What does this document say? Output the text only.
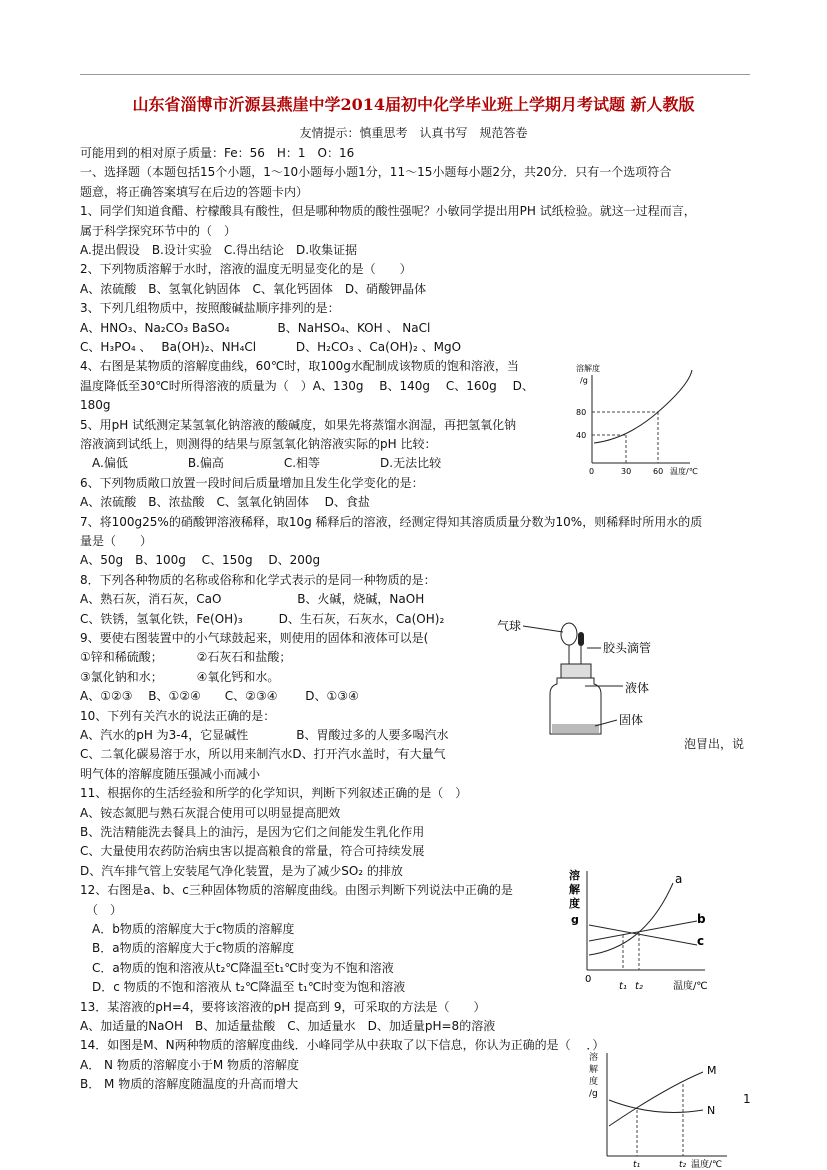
山东省淄博市沂源县燕崖中学2014届初中化学毕业班上学期月考试题 新人教版
友情提示：慎重思考　认真书写　规范答卷
可能用到的相对原子质量：Fe：56　H：1　O：16
一、选择题（本题包括15个小题，1～10小题每小题1分，11～15小题每小题2分，共20分．只有一个选项符合
题意，将正确答案填写在后边的答题卡内）
1、同学们知道食醋、柠檬酸具有酸性，但是哪种物质的酸性强呢？小敏同学提出用PH 试纸检验。就这一过程而言，
属于科学探究环节中的（　）
A.提出假设　B.设计实验　C.得出结论　D.收集证据
2、下列物质溶解于水时，溶液的温度无明显变化的是（　　）
A、浓硫酸　B、氢氧化钠固体　C、氧化钙固体　D、硝酸钾晶体
3、下列几组物质中，按照酸碱盐顺序排列的是：
A、HNO₃、Na₂CO₃ BaSO₄　　　　B、NaHSO₄、KOH 、 NaCl
C、H₃PO₄ 、　 Ba(OH)₂、NH₄Cl　　　 D、H₂CO₃ 、Ca(OH)₂ 、MgO
4、右图是某物质的溶解度曲线，60℃时，取100g水配制成该物质的饱和溶液，当
温度降低至30℃时所得溶液的质量为（　）A、130g　 B、140g　 C、160g　 D、
180g
5、用pH 试纸测定某氢氧化钠溶液的酸碱度，如果先将蒸馏水润湿，再把氢氧化钠
溶液滴到试纸上，则测得的结果与原氢氧化钠溶液实际的pH 比较：
　A.偏低　　　　　B.偏高　　　　　C.相等　　　　　D.无法比较
6、下列物质敞口放置一段时间后质量增加且发生化学变化的是：
A、浓硫酸　B、浓盐酸　C、氢氧化钠固体　 D、食盐
7、将100g25%的硝酸钾溶液稀释，取10g 稀释后的溶液，经测定得知其溶质质量分数为10%，则稀释时所用水的质
量是（　　）
A、50g　B、100g　 C、150g　 D、200g
8．下列各种物质的名称或俗称和化学式表示的是同一种物质的是：
A、熟石灰，消石灰，CaO　　　　　　 B、火碱，烧碱，NaOH
C、铁锈，氢氧化铁，Fe(OH)₃　　　D、生石灰，石灰水，Ca(OH)₂
9、要使右图装置中的小气球鼓起来，则使用的固体和液体可以是(
①锌和稀硫酸；　　　 ②石灰石和盐酸；
③氯化钠和水；　　　 ④氧化钙和水。
A、①②③　 B、①②④　　C、②③④　　 D、①③④
10、下列有关汽水的说法正确的是：
A、汽水的pH 为3-4，它显碱性　　　　B、胃酸过多的人要多喝汽水
C、二氧化碳易溶于水，所以用来制汽水D、打开汽水盖时，有大量气
明气体的溶解度随压强减小而减小
11、根据你的生活经验和所学的化学知识，判断下列叙述正确的是（　）
A、铵态氮肥与熟石灰混合使用可以明显提高肥效
B、洗洁精能洗去餐具上的油污，是因为它们之间能发生乳化作用
C、大量使用农药防治病虫害以提高粮食的常量，符合可持续发展
D、汽车排气管上安装尾气净化装置，是为了减少SO₂ 的排放
12、右图是a、b、c三种固体物质的溶解度曲线。由图示判断下列说法中正确的是
　（　）
　A．b物质的溶解度大于c物质的溶解度
　B．a物质的溶解度大于c物质的溶解度
　C．a物质的饱和溶液从t₂℃降温至t₁℃时变为不饱和溶液
　D．c 物质的不饱和溶液从 t₂℃降温至 t₁℃时变为饱和溶液
13．某溶液的pH=4，要将该溶液的pH 提高到 9，可采取的方法是（　　）
A、加适量的NaOH　B、加适量盐酸　C、加适量水　D、加适量pH=8的溶液
14．如图是M、N两种物质的溶解度曲线．小峰同学从中获取了以下信息，你认为正确的是（　 ．）
A． N 物质的溶解度小于M 物质的溶解度
B． M 物质的溶解度随温度的升高而增大
泡冒出，说
溶解度
/g
80
40
0	30	60 温度/℃
气球
胶头滴管
液体
固体
溶
解
度
g
a
b
c
0
t₁ t₂	温度/℃
溶
解
度
/g
M
N
t₁	t₂ 温度/℃
1
